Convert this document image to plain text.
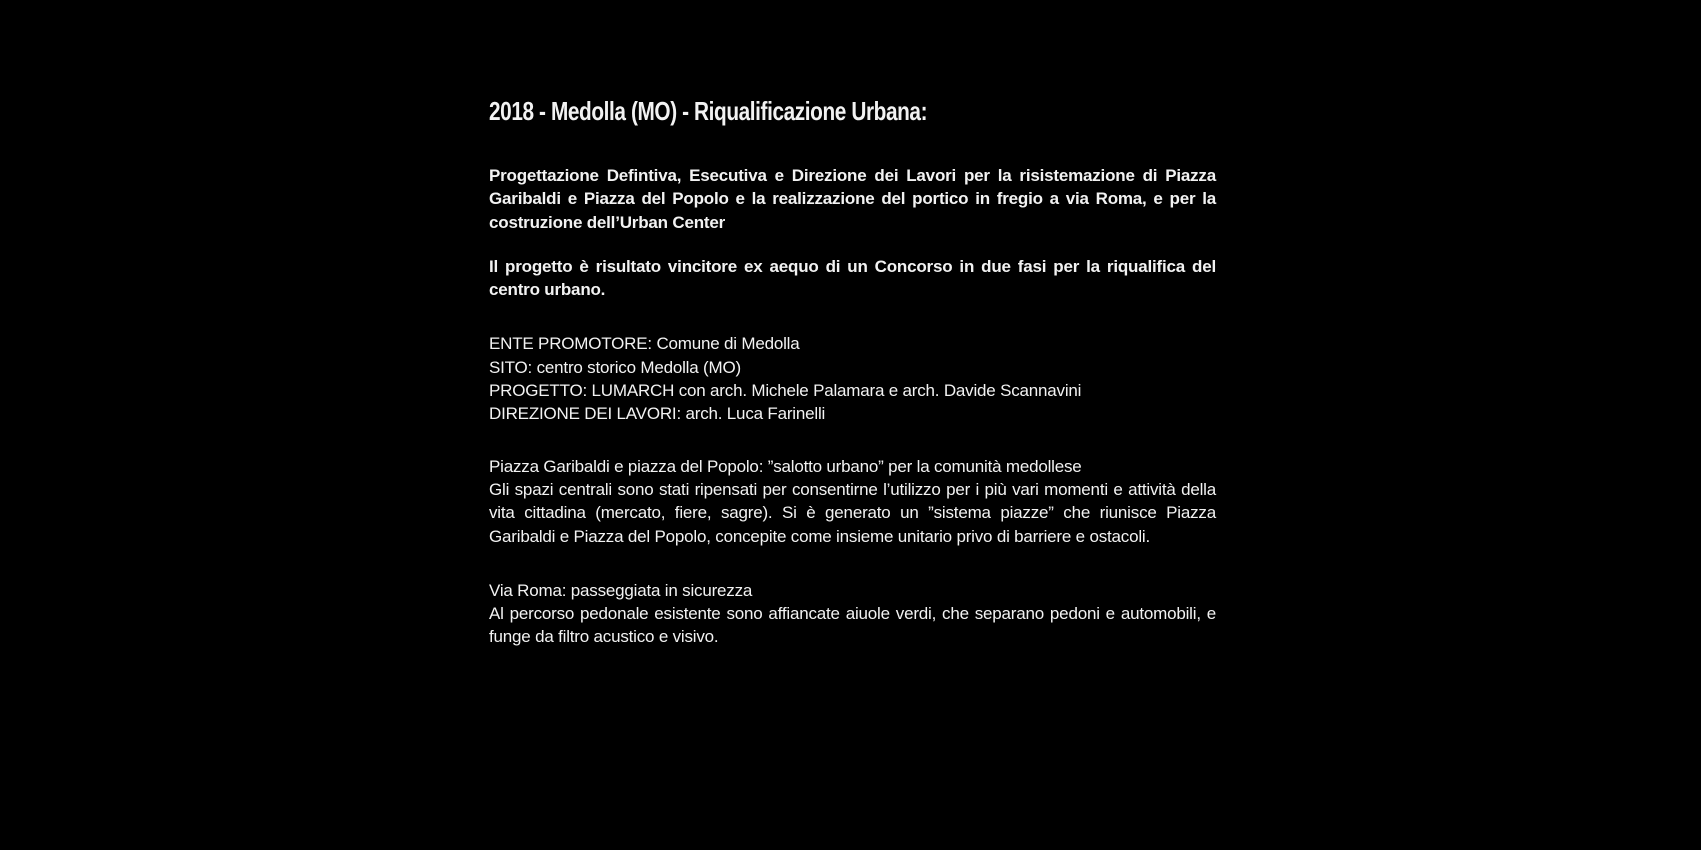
2018 - Medolla (MO) - Riqualificazione Urbana:

Progettazione Defintiva, Esecutiva e Direzione dei Lavori per la risistemazione di Piazza Garibaldi e Piazza del Popolo e la realizzazione del portico in fregio a via Roma, e per la costruzione dell’Urban Center

Il progetto è risultato vincitore ex aequo di un Concorso in due fasi per la riqualifica del centro urbano.

ENTE PROMOTORE: Comune di Medolla

SITO: centro storico Medolla (MO)

PROGETTO: LUMARCH con arch. Michele Palamara e arch. Davide Scannavini

DIREZIONE DEI LAVORI: arch. Luca Farinelli

Piazza Garibaldi e piazza del Popolo: ”salotto urbano” per la comunità medollese

Gli spazi centrali sono stati ripensati per consentirne l’utilizzo per i più vari momenti e attività della vita cittadina (mercato, fiere, sagre). Si è generato un ”sistema piazze” che riunisce Piazza Garibaldi e Piazza del Popolo, concepite come insieme unitario privo di barriere e ostacoli.

Via Roma: passeggiata in sicurezza

Al percorso pedonale esistente sono affiancate aiuole verdi, che separano pedoni e automobili, e funge da filtro acustico e visivo.
